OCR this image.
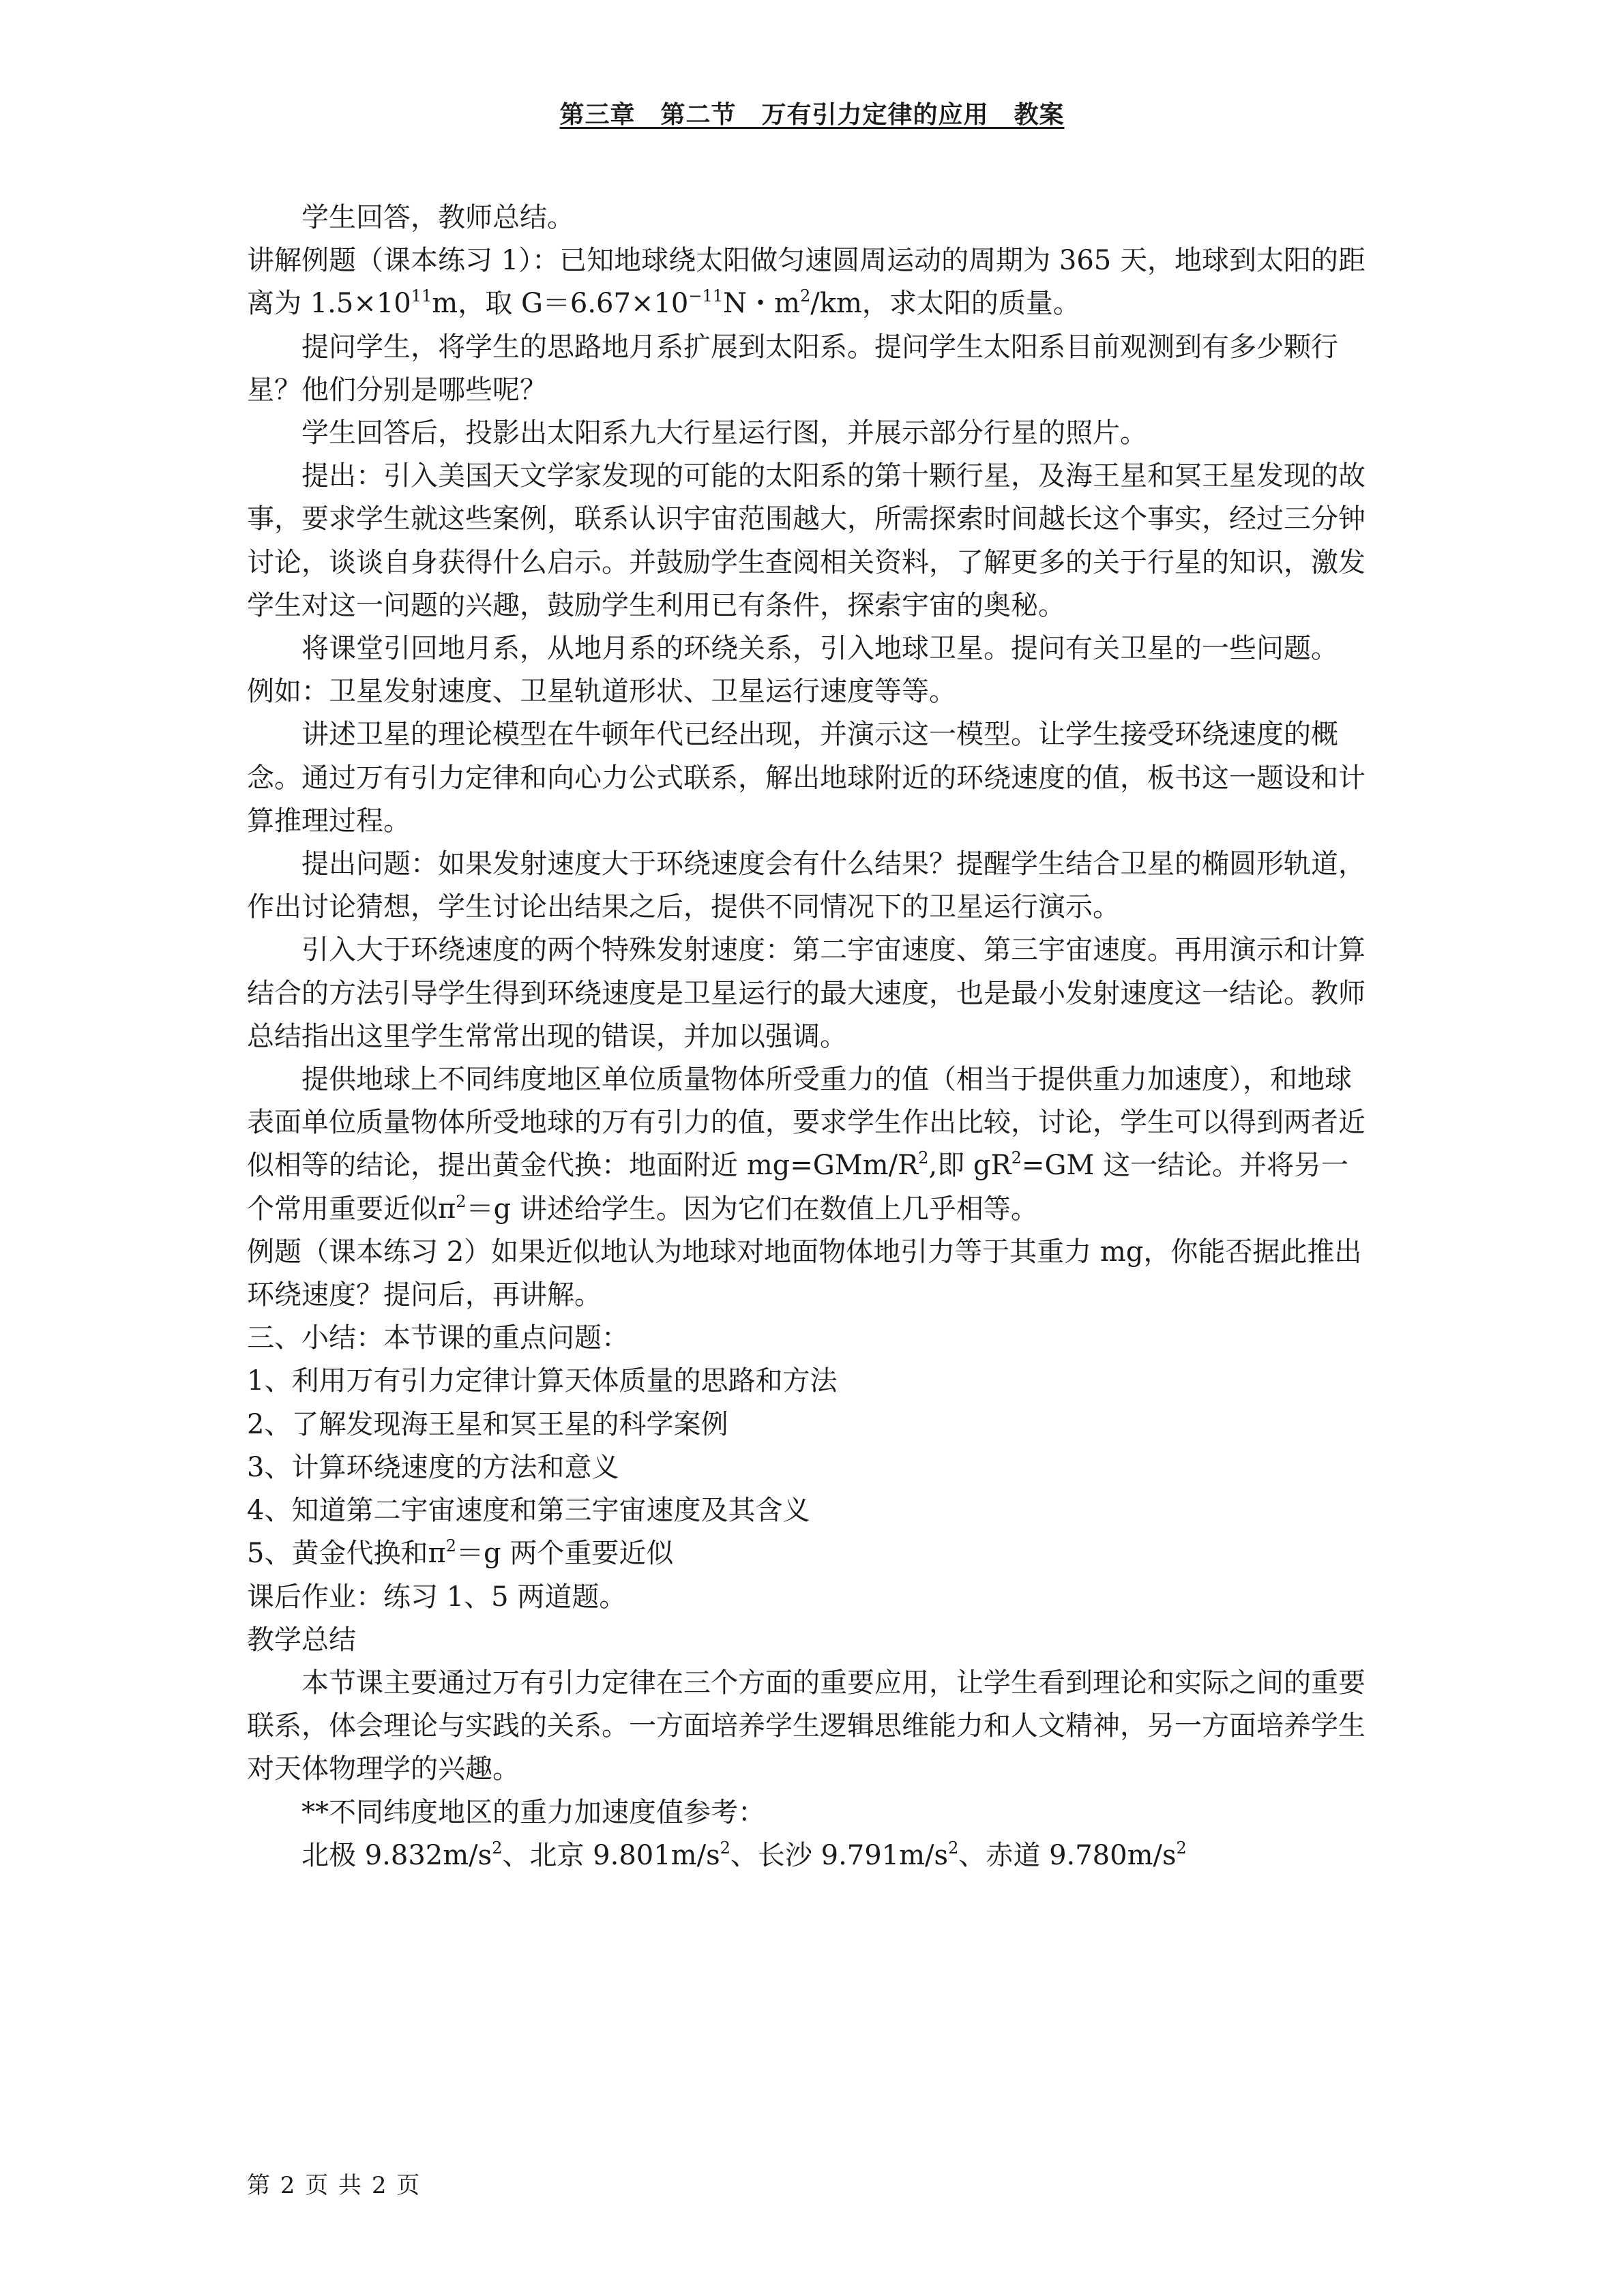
第三章　第二节　万有引力定律的应用　教案

学生回答，教师总结。

讲解例题（课本练习 1）：已知地球绕太阳做匀速圆周运动的周期为 365 天，地球到太阳的距离为 $1.5\times 10^{11}m$，取 $G=6.67\times 10^{-11}N$・$m^2/km$，求太阳的质量。

提问学生，将学生的思路地月系扩展到太阳系。提问学生太阳系目前观测到有多少颗行星？他们分别是哪些呢？

学生回答后，投影出太阳系九大行星运行图，并展示部分行星的照片。

提出：引入美国天文学家发现的可能的太阳系的第十颗行星，及海王星和冥王星发现的故事，要求学生就这些案例，联系认识宇宙范围越大，所需探索时间越长这个事实，经过三分钟讨论，谈谈自身获得什么启示。并鼓励学生查阅相关资料，了解更多的关于行星的知识，激发学生对这一问题的兴趣，鼓励学生利用已有条件，探索宇宙的奥秘。

将课堂引回地月系，从地月系的环绕关系，引入地球卫星。提问有关卫星的一些问题。

例如：卫星发射速度、卫星轨道形状、卫星运行速度等等。

讲述卫星的理论模型在牛顿年代已经出现，并演示这一模型。让学生接受环绕速度的概念。通过万有引力定律和向心力公式联系，解出地球附近的环绕速度的值，板书这一题设和计算推理过程。

提出问题：如果发射速度大于环绕速度会有什么结果？提醒学生结合卫星的椭圆形轨道，作出讨论猜想，学生讨论出结果之后，提供不同情况下的卫星运行演示。

引入大于环绕速度的两个特殊发射速度：第二宇宙速度、第三宇宙速度。再用演示和计算结合的方法引导学生得到环绕速度是卫星运行的最大速度，也是最小发射速度这一结论。教师总结指出这里学生常常出现的错误，并加以强调。

提供地球上不同纬度地区单位质量物体所受重力的值（相当于提供重力加速度），和地球表面单位质量物体所受地球的万有引力的值，要求学生作出比较，讨论，学生可以得到两者近似相等的结论，提出黄金代换：地面附近 $mg=GMm/R^2$,即 $gR^2=GM$ 这一结论。并将另一个常用重要近似$\pi^2=g$ 讲述给学生。因为它们在数值上几乎相等。

例题（课本练习 2）如果近似地认为地球对地面物体地引力等于其重力 mg，你能否据此推出环绕速度？提问后，再讲解。

三、小结：本节课的重点问题：

1、利用万有引力定律计算天体质量的思路和方法

2、了解发现海王星和冥王星的科学案例

3、计算环绕速度的方法和意义

4、知道第二宇宙速度和第三宇宙速度及其含义

5、黄金代换和$\pi^2=g$ 两个重要近似

课后作业：练习 1、5 两道题。

教学总结

本节课主要通过万有引力定律在三个方面的重要应用，让学生看到理论和实际之间的重要联系，体会理论与实践的关系。一方面培养学生逻辑思维能力和人文精神，另一方面培养学生对天体物理学的兴趣。

**不同纬度地区的重力加速度值参考：

北极 $9.832m/s^2$、北京 $9.801m/s^2$、长沙 $9.791m/s^2$、赤道 $9.780m/s^2$

第 2 页 共 2 页
